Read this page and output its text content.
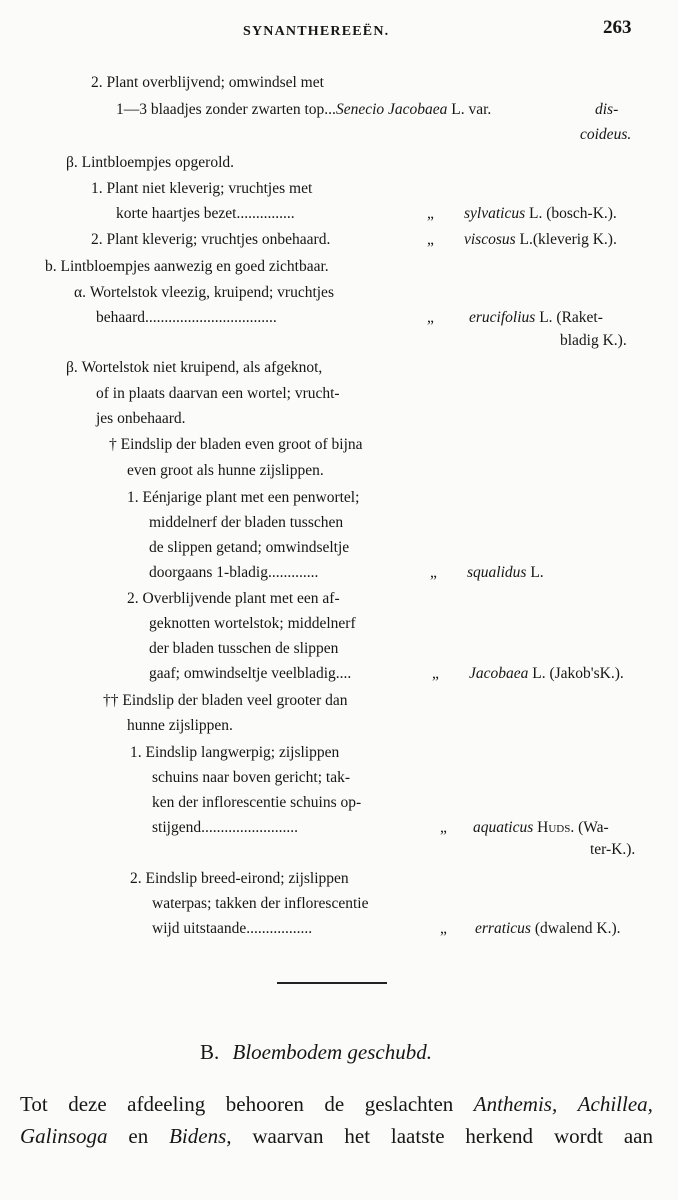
SYNANTHEREEËN.	263
2. Plant overblijvend; omwindsel met
1—3 blaadjes zonder zwarten top...Senecio Jacobaea L. var.	dis-
coideus.
β. Lintbloempjes opgerold.
1. Plant niet kleverig; vruchtjes met
korte haartjes bezet...............	„ sylvaticus L. (bosch-K.).
2. Plant kleverig; vruchtjes onbehaard.	„ viscosus L.(kleverig K.).
b. Lintbloempjes aanwezig en goed zichtbaar.
α. Wortelstok vleezig, kruipend; vruchtjes
behaard..................................	„ erucifolius L. (Raket-
bladig K.).
β. Wortelstok niet kruipend, als afgeknot,
of in plaats daarvan een wortel; vrucht-
jes onbehaard.
† Eindslip der bladen even groot of bijna
even groot als hunne zijslippen.
1. Eénjarige plant met een penwortel;
middelnerf der bladen tusschen
de slippen getand; omwindseltje
doorgaans 1-bladig.............	„ squalidus L.
2. Overblijvende plant met een af-
geknotten wortelstok; middelnerf
der bladen tusschen de slippen
gaaf; omwindseltje veelbladig....	„ Jacobaea L. (Jakob'sK.).
†† Eindslip der bladen veel grooter dan
hunne zijslippen.
1. Eindslip langwerpig; zijslippen
schuins naar boven gericht; tak-
ken der inflorescentie schuins op-
stijgend.........................	„ aquaticus Huds. (Wa-
ter-K.).
2. Eindslip breed-eirond; zijslippen
waterpas; takken der inflorescentie
wijd uitstaande.................	„ erraticus (dwalend K.).
B. Bloembodem geschubd.
Tot deze afdeeling behooren de geslachten Anthemis, Achillea,
Galinsoga en Bidens, waarvan het laatste herkend wordt aan
